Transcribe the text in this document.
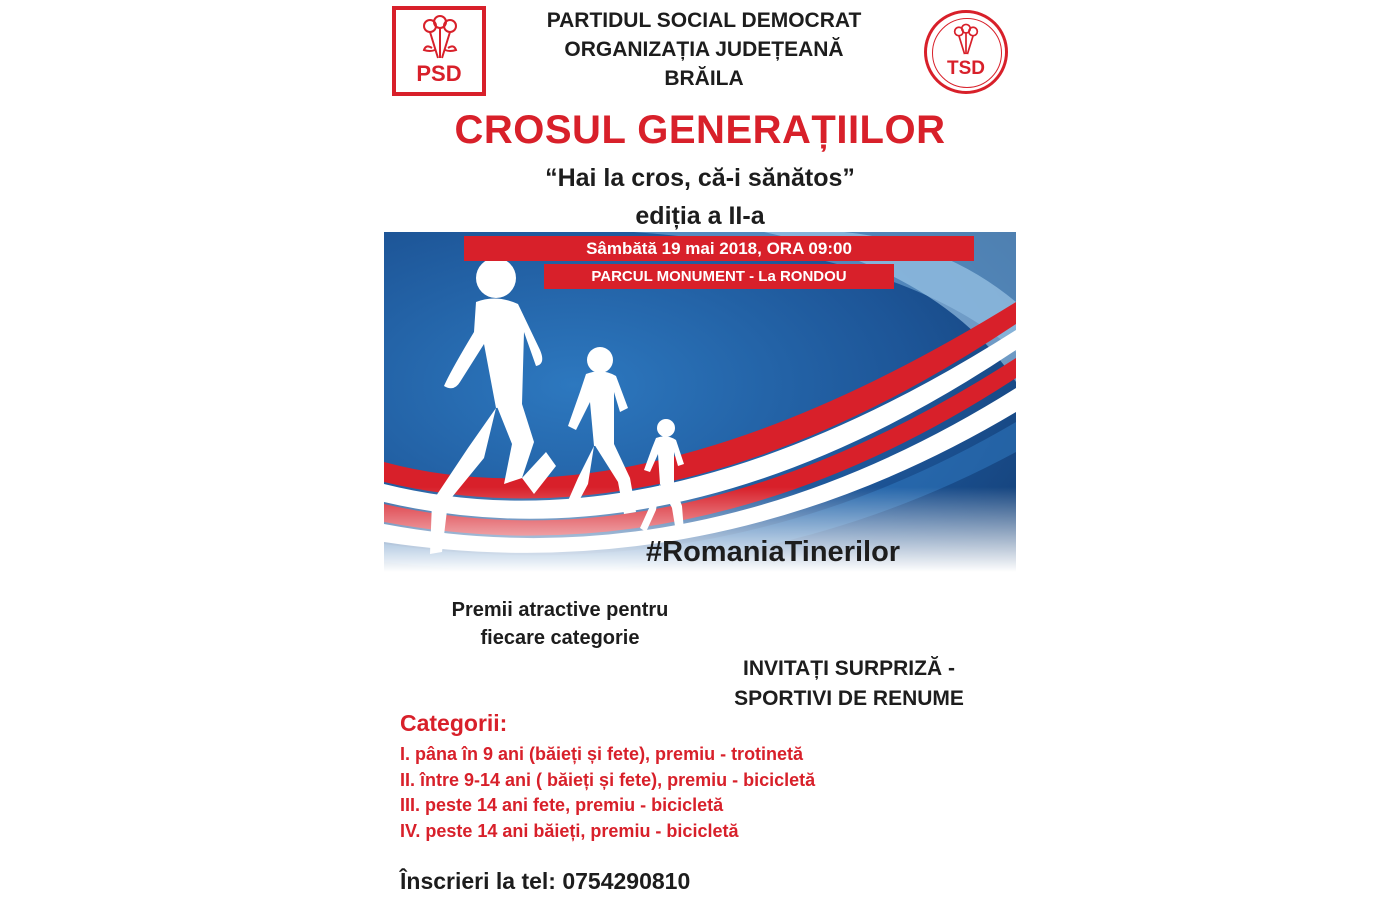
PSD
PARTIDUL SOCIAL DEMOCRAT
ORGANIZAȚIA JUDEȚEANĂ
BRĂILA	TSD
CROSUL GENERAȚIILOR
“Hai la cros, că-i sănătos”
ediția a II-a
Sâmbătă 19 mai 2018, ORA 09:00
PARCUL MONUMENT - La RONDOU
#RomaniaTinerilor
Premii atractive pentru
fiecare categorie
INVITAȚI SURPRIZĂ -
SPORTIVI DE RENUME
Categorii:
I. pâna în 9 ani (băieți și fete), premiu - trotinetă
II. între 9-14 ani ( băieți și fete), premiu - bicicletă
III. peste 14 ani fete, premiu - bicicletă
IV. peste 14 ani băieți, premiu - bicicletă
Înscrieri la tel: 0754290810
